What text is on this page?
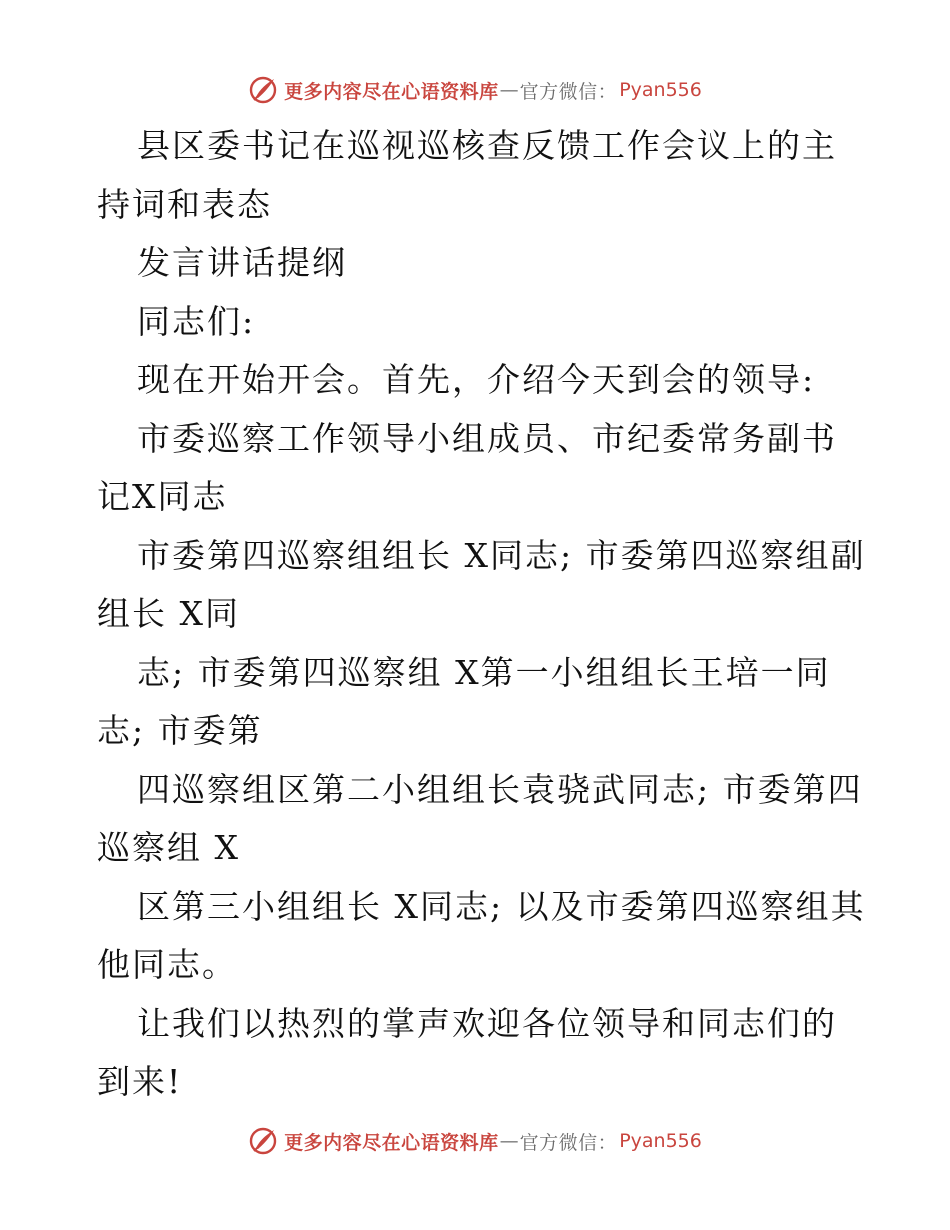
更多内容尽在心语资料库 — 官方微信： Pyan556

县区委书记在巡视巡核查反馈工作会议上的主持词和表态

发言讲话提纲

同志们:

现在开始开会。首先，介绍今天到会的领导:

市委巡察工作领导小组成员、市纪委常务副书记X同志

市委第四巡察组组长 X同志; 市委第四巡察组副组长 X同

志; 市委第四巡察组 X第一小组组长王培一同志; 市委第

四巡察组区第二小组组长袁骁武同志; 市委第四巡察组 X

区第三小组组长 X同志; 以及市委第四巡察组其他同志。

让我们以热烈的掌声欢迎各位领导和同志们的到来!

更多内容尽在心语资料库 — 官方微信： Pyan556
